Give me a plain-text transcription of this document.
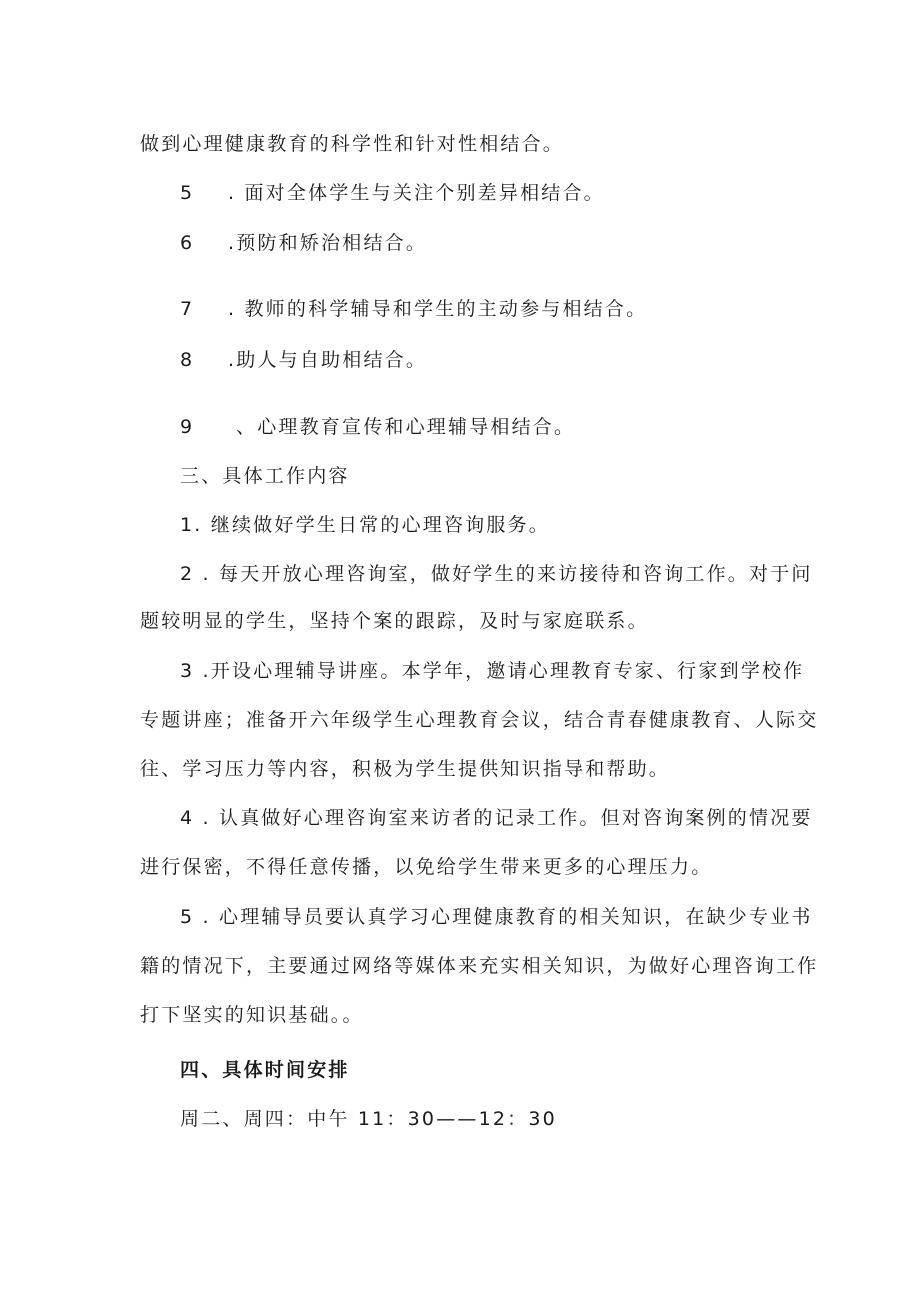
做到心理健康教育的科学性和针对性相结合。
5 . 面对全体学生与关注个别差异相结合。
6 .预防和矫治相结合。
7 . 教师的科学辅导和学生的主动参与相结合。
8 .助人与自助相结合。
9 、心理教育宣传和心理辅导相结合。
三、具体工作内容
1. 继续做好学生日常的心理咨询服务。
2 . 每天开放心理咨询室，做好学生的来访接待和咨询工作。对于问
题较明显的学生，坚持个案的跟踪，及时与家庭联系。
3 .开设心理辅导讲座。本学年，邀请心理教育专家、行家到学校作
专题讲座；准备开六年级学生心理教育会议，结合青春健康教育、人际交
往、学习压力等内容，积极为学生提供知识指导和帮助。
4 . 认真做好心理咨询室来访者的记录工作。但对咨询案例的情况要
进行保密，不得任意传播，以免给学生带来更多的心理压力。
5 . 心理辅导员要认真学习心理健康教育的相关知识，在缺少专业书
籍的情况下，主要通过网络等媒体来充实相关知识，为做好心理咨询工作
打下坚实的知识基础。。
四、具体时间安排
周二、周四：中午 11：30——12：30
